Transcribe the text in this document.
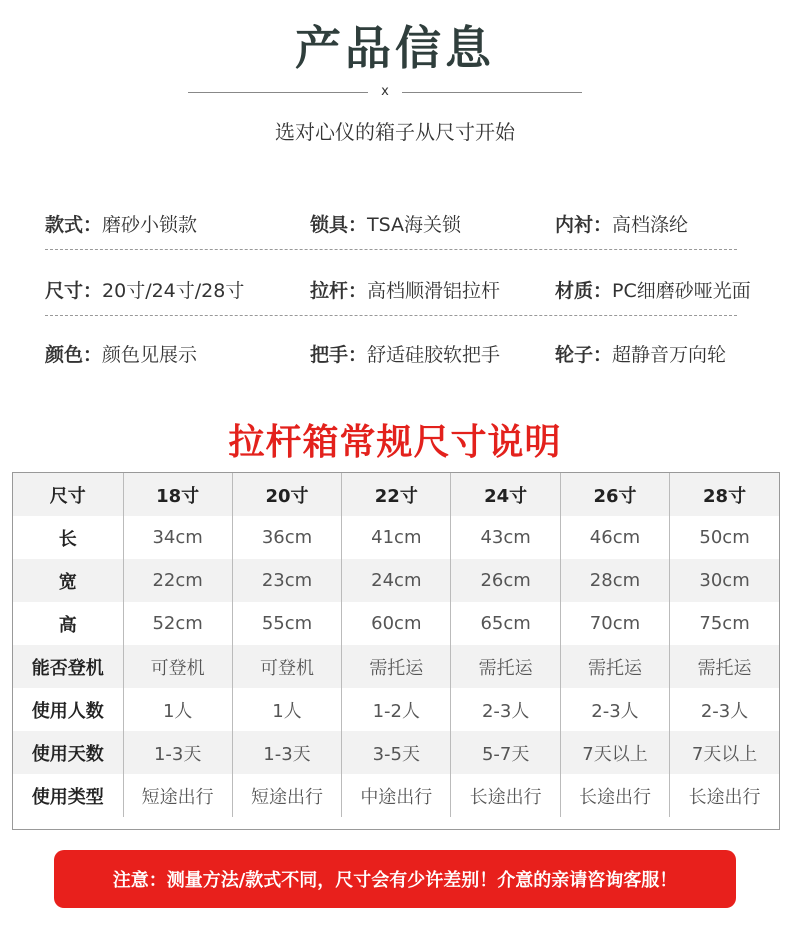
产品信息
x
选对心仪的箱子从尺寸开始
款式：磨砂小锁款	锁具：TSA海关锁	内衬：高档涤纶
尺寸：20寸/24寸/28寸	拉杆：高档顺滑铝拉杆	材质：PC细磨砂哑光面
颜色：颜色见展示	把手：舒适硅胶软把手	轮子：超静音万向轮
拉杆箱常规尺寸说明
尺寸	18寸	20寸	22寸	24寸	26寸	28寸
长	34cm	36cm	41cm	43cm	46cm	50cm
宽	22cm	23cm	24cm	26cm	28cm	30cm
高	52cm	55cm	60cm	65cm	70cm	75cm
能否登机	可登机	可登机	需托运	需托运	需托运	需托运
使用人数	1人	1人	1-2人	2-3人	2-3人	2-3人
使用天数	1-3天	1-3天	3-5天	5-7天	7天以上	7天以上
使用类型	短途出行	短途出行	中途出行	长途出行	长途出行	长途出行
注意：测量方法/款式不同，尺寸会有少许差别！介意的亲请咨询客服！
